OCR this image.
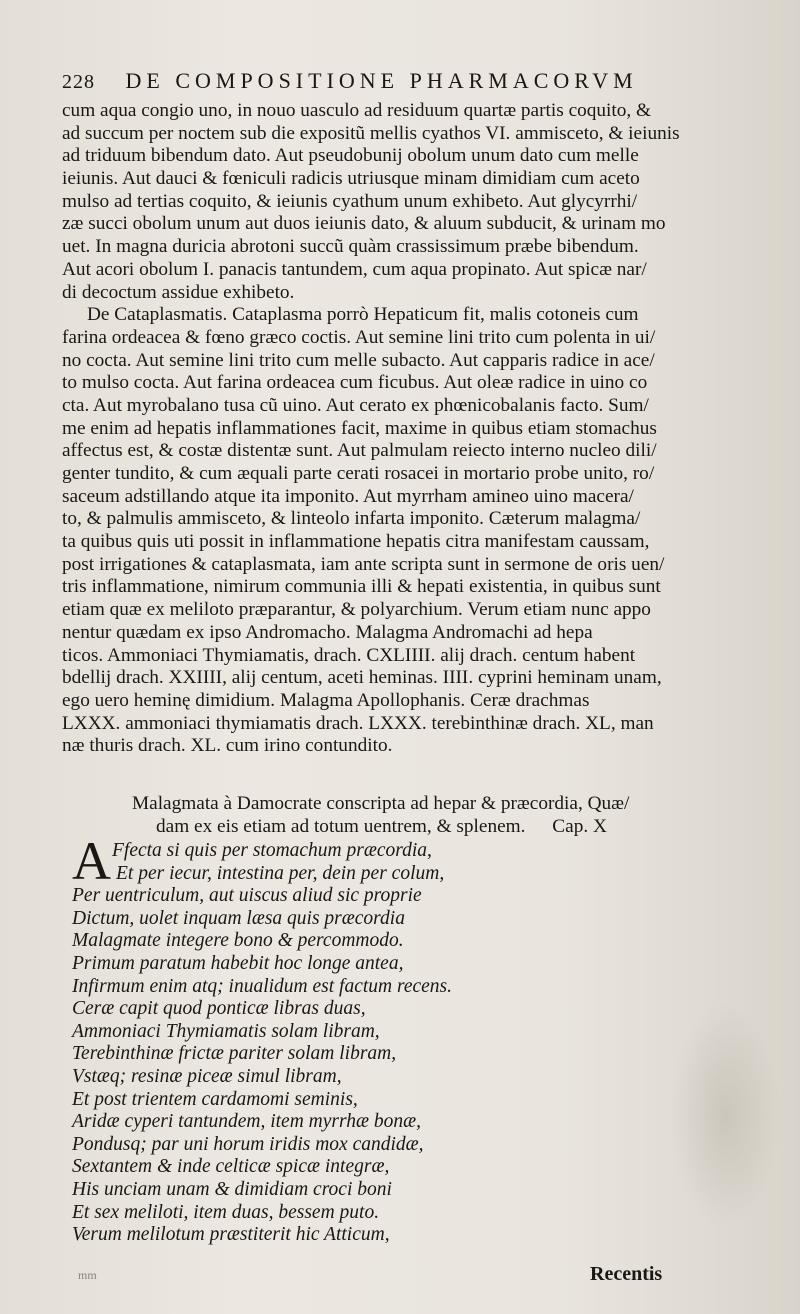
228 DE COMPOSITIONE PHARMACORVM
cum aqua congio uno, in nouo uasculo ad residuum quartæ partis coquito, &
ad succum per noctem sub die expositũ mellis cyathos VI. ammisceto, & ieiunis
ad triduum bibendum dato. Aut pseudobunij obolum unum dato cum melle
ieiunis. Aut dauci & fœniculi radicis utriusque minam dimidiam cum aceto
mulso ad tertias coquito, & ieiunis cyathum unum exhibeto. Aut glycyrrhi/
zæ succi obolum unum aut duos ieiunis dato, & aluum subducit, & urinam mo
uet. In magna duricia abrotoni succũ quàm crassissimum præbe bibendum.
Aut acori obolum I. panacis tantundem, cum aqua propinato. Aut spicæ nar/
di decoctum assidue exhibeto.
De Cataplasmatis. Cataplasma porrò Hepaticum fit, malis cotoneis cum
farina ordeacea & fœno græco coctis. Aut semine lini trito cum polenta in ui/
no cocta. Aut semine lini trito cum melle subacto. Aut capparis radice in ace/
to mulso cocta. Aut farina ordeacea cum ficubus. Aut oleæ radice in uino co
cta. Aut myrobalano tusa cũ uino. Aut cerato ex phœnicobalanis facto. Sum/
me enim ad hepatis inflammationes facit, maxime in quibus etiam stomachus
affectus est, & costæ distentæ sunt. Aut palmulam reiecto interno nucleo dili/
genter tundito, & cum æquali parte cerati rosacei in mortario probe unito, ro/
saceum adstillando atque ita imponito. Aut myrrham amineo uino macera/
to, & palmulis ammisceto, & linteolo infarta imponito. Cæterum malagma/
ta quibus quis uti possit in inflammatione hepatis citra manifestam caussam,
post irrigationes & cataplasmata, iam ante scripta sunt in sermone de oris uen/
tris inflammatione, nimirum communia illi & hepati existentia, in quibus sunt
etiam quæ ex meliloto præparantur, & polyarchium. Verum etiam nunc appo
nentur quædam ex ipso Andromacho. Malagma Andromachi ad hepa
ticos. Ammoniaci Thymiamatis, drach. CXLIIII. alij drach. centum habent
bdellij drach. XXIIII, alij centum, aceti heminas. IIII. cyprini heminam unam,
ego uero heminę dimidium. Malagma Apollophanis. Ceræ drachmas
LXXX. ammoniaci thymiamatis drach. LXXX. terebinthinæ drach. XL, man
næ thuris drach. XL. cum irino contundito.
Malagmata à Damocrate conscripta ad hepar & præcordia, Quæ/
dam ex eis etiam ad totum uentrem, & splenem. Cap. X
A Ffecta si quis per stomachum præcordia,
Et per iecur, intestina per, dein per colum,
Per uentriculum, aut uiscus aliud sic proprie
Dictum, uolet inquam læsa quis præcordia
Malagmate integere bono & percommodo.
Primum paratum habebit hoc longe antea,
Infirmum enim atq; inualidum est factum recens.
Ceræ capit quod ponticæ libras duas,
Ammoniaci Thymiamatis solam libram,
Terebinthinæ frictæ pariter solam libram,
Vstæq; resinæ piceæ simul libram,
Et post trientem cardamomi seminis,
Aridæ cyperi tantundem, item myrrhæ bonæ,
Pondusq; par uni horum iridis mox candidæ,
Sextantem & inde celticæ spicæ integræ,
His unciam unam & dimidiam croci boni
Et sex meliloti, item duas, bessem puto.
Verum melilotum præstiterit hic Atticum,
mm	Recentis
